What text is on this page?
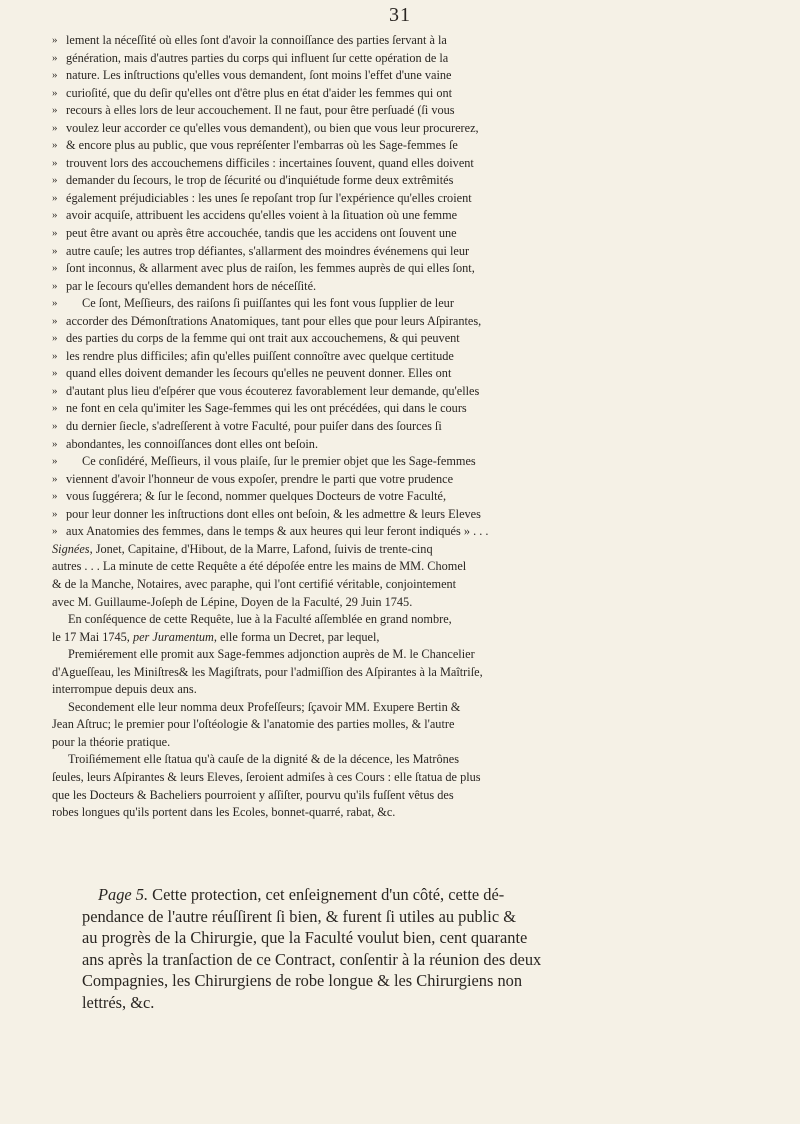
31
» lement la néceſſité où elles ſont d'avoir la connoiſſance des parties ſervant à la
» génération, mais d'autres parties du corps qui influent ſur cette opération de la
» nature. Les inſtructions qu'elles vous demandent, ſont moins l'effet d'une vaine
» curioſité, que du deſir qu'elles ont d'être plus en état d'aider les femmes qui ont
» recours à elles lors de leur accouchement. Il ne faut, pour être perſuadé (ſi vous
» voulez leur accorder ce qu'elles vous demandent), ou bien que vous leur procurerez,
» & encore plus au public, que vous repréſenter l'embarras où les Sage-femmes ſe
» trouvent lors des accouchemens difficiles : incertaines ſouvent, quand elles doivent
» demander du ſecours, le trop de ſécurité ou d'inquiétude forme deux extrêmités
» également préjudiciables : les unes ſe repoſant trop ſur l'expérience qu'elles croient
» avoir acquiſe, attribuent les accidens qu'elles voient à la ſituation où une femme
» peut être avant ou après être accouchée, tandis que les accidens ont ſouvent une
» autre cauſe; les autres trop défiantes, s'allarment des moindres événemens qui leur
» ſont inconnus, & allarment avec plus de raiſon, les femmes auprès de qui elles ſont,
» par le ſecours qu'elles demandent hors de néceſſité.
»	Ce ſont, Meſſieurs, des raiſons ſi puiſſantes qui les font vous ſupplier de leur
» accorder des Démonſtrations Anatomiques, tant pour elles que pour leurs Aſpirantes,
» des parties du corps de la femme qui ont trait aux accouchemens, & qui peuvent
» les rendre plus difficiles; afin qu'elles puiſſent connoître avec quelque certitude
» quand elles doivent demander les ſecours qu'elles ne peuvent donner. Elles ont
» d'autant plus lieu d'eſpérer que vous écouterez favorablement leur demande, qu'elles
» ne font en cela qu'imiter les Sage-femmes qui les ont précédées, qui dans le cours
» du dernier ſiecle, s'adreſſerent à votre Faculté, pour puiſer dans des ſources ſi
» abondantes, les connoiſſances dont elles ont beſoin.
»	Ce conſidéré, Meſſieurs, il vous plaiſe, ſur le premier objet que les Sage-femmes
» viennent d'avoir l'honneur de vous expoſer, prendre le parti que votre prudence
» vous ſuggérera; & ſur le ſecond, nommer quelques Docteurs de votre Faculté,
» pour leur donner les inſtructions dont elles ont beſoin, & les admettre & leurs Eleves
» aux Anatomies des femmes, dans le temps & aux heures qui leur feront indiqués » . . .
Signées, Jonet, Capitaine, d'Hibout, de la Marre, Lafond, ſuivis de trente-cinq
autres . . . La minute de cette Requête a été dépoſée entre les mains de MM. Chomel
& de la Manche, Notaires, avec paraphe, qui l'ont certifié véritable, conjointement
avec M. Guillaume-Joſeph de Lépine, Doyen de la Faculté, 29 Juin 1745.
En conſéquence de cette Requête, lue à la Faculté aſſemblée en grand nombre,
le 17 Mai 1745, per Juramentum, elle forma un Decret, par lequel,
Premiérement elle promit aux Sage-femmes adjonction auprès de M. le Chancelier
d'Agueſſeau, les Miniſtres& les Magiſtrats, pour l'admiſſion des Aſpirantes à la Maîtriſe,
interrompue depuis deux ans.
Secondement elle leur nomma deux Profeſſeurs; ſçavoir MM. Exupere Bertin &
Jean Aſtruc; le premier pour l'oſtéologie & l'anatomie des parties molles, & l'autre
pour la théorie pratique.
Troiſiémement elle ſtatua qu'à cauſe de la dignité & de la décence, les Matrônes
ſeules, leurs Aſpirantes & leurs Eleves, ſeroient admiſes à ces Cours : elle ſtatua de plus
que les Docteurs & Bacheliers pourroient y aſſiſter, pourvu qu'ils fuſſent vêtus des
robes longues qu'ils portent dans les Ecoles, bonnet-quarré, rabat, &c.
Page 5. Cette protection, cet enſeignement d'un côté, cette dé-
pendance de l'autre réuſſirent ſi bien, & furent ſi utiles au public &
au progrès de la Chirurgie, que la Faculté voulut bien, cent quarante
ans après la tranſaction de ce Contract, conſentir à la réunion des deux
Compagnies, les Chirurgiens de robe longue & les Chirurgiens non
lettrés, &c.
